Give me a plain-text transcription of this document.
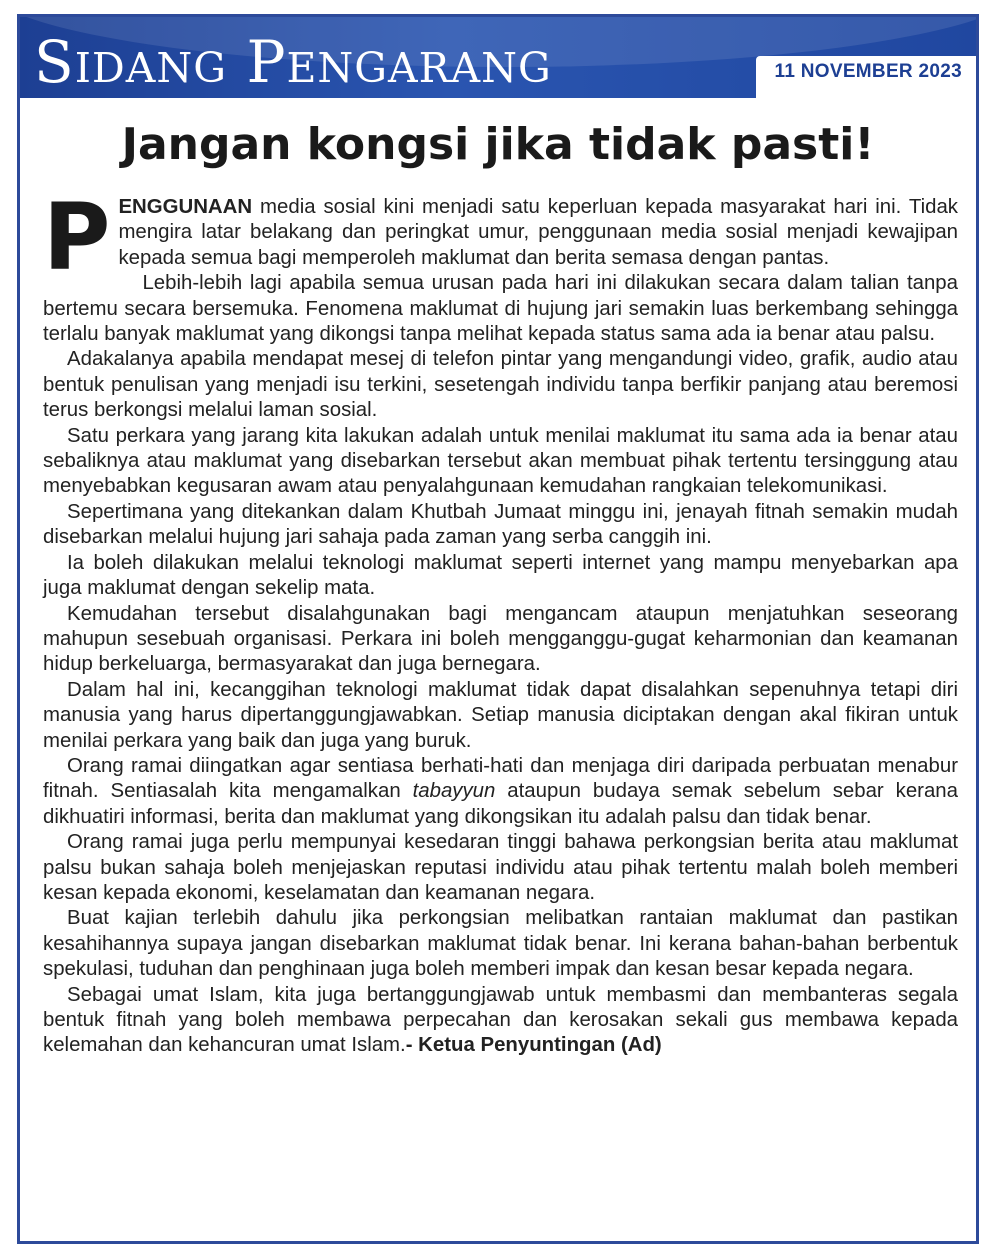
Sidang Pengarang	11 NOVEMBER 2023
Jangan kongsi jika tidak pasti!

PENGGUNAAN media sosial kini menjadi satu keperluan kepada masyarakat hari ini. Tidak mengira latar belakang dan peringkat umur, penggunaan media sosial menjadi kewajipan kepada semua bagi memperoleh maklumat dan berita semasa dengan pantas.

Lebih-lebih lagi apabila semua urusan pada hari ini dilakukan secara dalam talian tanpa bertemu secara bersemuka. Fenomena maklumat di hujung jari semakin luas berkembang sehingga terlalu banyak maklumat yang dikongsi tanpa melihat kepada status sama ada ia benar atau palsu.

Adakalanya apabila mendapat mesej di telefon pintar yang mengandungi video, grafik, audio atau bentuk penulisan yang menjadi isu terkini, sesetengah individu tanpa berfikir panjang atau beremosi terus berkongsi melalui laman sosial.

Satu perkara yang jarang kita lakukan adalah untuk menilai maklumat itu sama ada ia benar atau sebaliknya atau maklumat yang disebarkan tersebut akan membuat pihak tertentu tersinggung atau menyebabkan kegusaran awam atau penyalahgunaan kemudahan rangkaian telekomunikasi.

Sepertimana yang ditekankan dalam Khutbah Jumaat minggu ini, jenayah fitnah semakin mudah disebarkan melalui hujung jari sahaja pada zaman yang serba canggih ini.

Ia boleh dilakukan melalui teknologi maklumat seperti internet yang mampu menyebarkan apa juga maklumat dengan sekelip mata.

Kemudahan tersebut disalahgunakan bagi mengancam ataupun menjatuhkan seseorang mahupun sesebuah organisasi. Perkara ini boleh mengganggu-gugat keharmonian dan keamanan hidup berkeluarga, bermasyarakat dan juga bernegara.

Dalam hal ini, kecanggihan teknologi maklumat tidak dapat disalahkan sepenuhnya tetapi diri manusia yang harus dipertanggungjawabkan. Setiap manusia diciptakan dengan akal fikiran untuk menilai perkara yang baik dan juga yang buruk.

Orang ramai diingatkan agar sentiasa berhati-hati dan menjaga diri daripada perbuatan menabur fitnah. Sentiasalah kita mengamalkan tabayyun ataupun budaya semak sebelum sebar kerana dikhuatiri informasi, berita dan maklumat yang dikongsikan itu adalah palsu dan tidak benar.

Orang ramai juga perlu mempunyai kesedaran tinggi bahawa perkongsian berita atau maklumat palsu bukan sahaja boleh menjejaskan reputasi individu atau pihak tertentu malah boleh memberi kesan kepada ekonomi, keselamatan dan keamanan negara.

Buat kajian terlebih dahulu jika perkongsian melibatkan rantaian maklumat dan pastikan kesahihannya supaya jangan disebarkan maklumat tidak benar. Ini kerana bahan-bahan berbentuk spekulasi, tuduhan dan penghinaan juga boleh memberi impak dan kesan besar kepada negara.

Sebagai umat Islam, kita juga bertanggungjawab untuk membasmi dan membanteras segala bentuk fitnah yang boleh membawa perpecahan dan kerosakan sekali gus membawa kepada kelemahan dan kehancuran umat Islam.- Ketua Penyuntingan (Ad)
